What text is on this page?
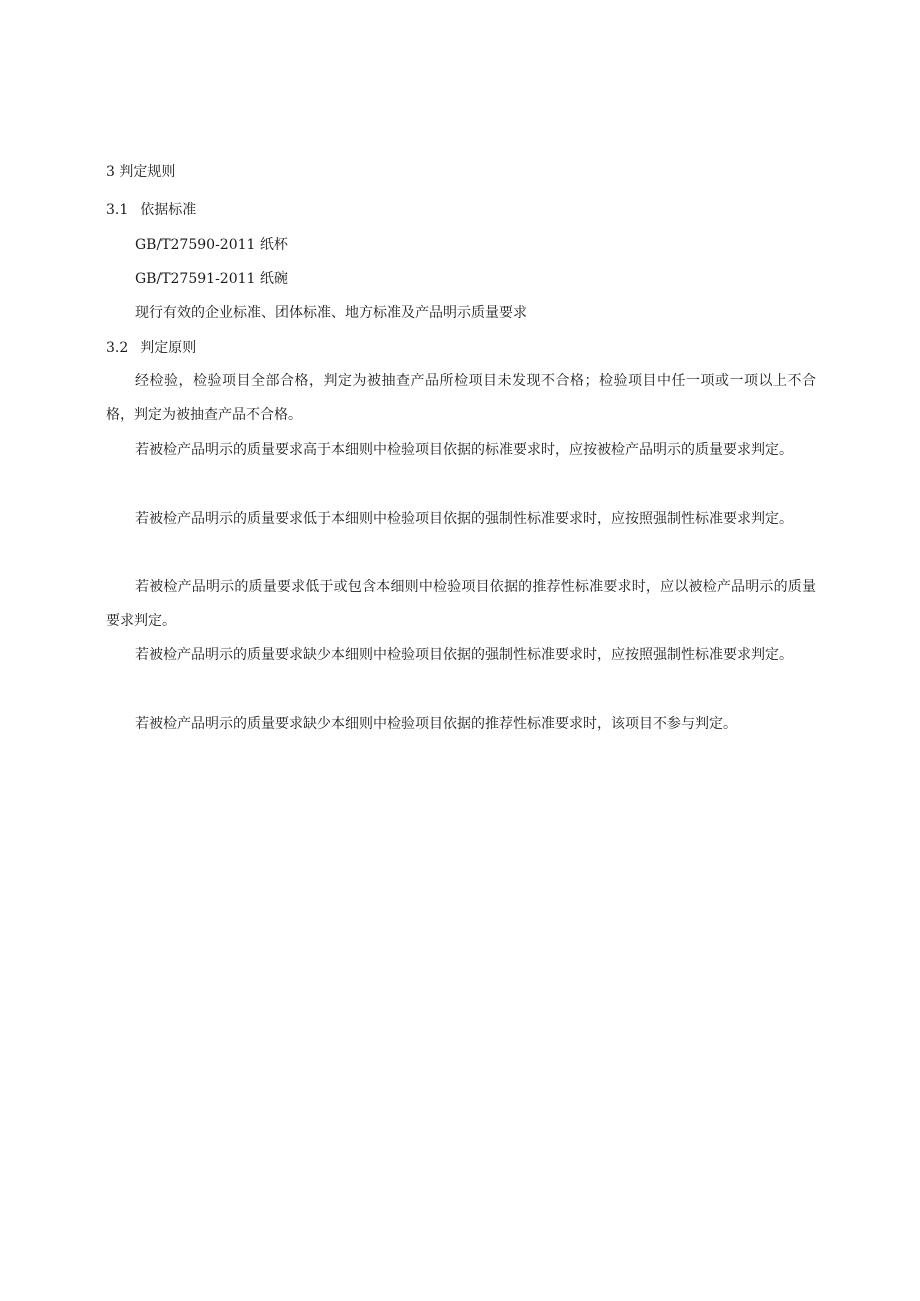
3 判定规则
3.1 依据标准
GB/T27590-2011 纸杯
GB/T27591-2011 纸碗
现行有效的企业标准、团体标准、地方标准及产品明示质量要求
3.2 判定原则
经检验，检验项目全部合格，判定为被抽查产品所检项目未发现不合格；检验项目中任一项或一项以上不合格，判定为被抽查产品不合格。
若被检产品明示的质量要求高于本细则中检验项目依据的标准要求时，应按被检产品明示的质量要求判定。
若被检产品明示的质量要求低于本细则中检验项目依据的强制性标准要求时，应按照强制性标准要求判定。
若被检产品明示的质量要求低于或包含本细则中检验项目依据的推荐性标准要求时，应以被检产品明示的质量要求判定。
若被检产品明示的质量要求缺少本细则中检验项目依据的强制性标准要求时，应按照强制性标准要求判定。
若被检产品明示的质量要求缺少本细则中检验项目依据的推荐性标准要求时，该项目不参与判定。
